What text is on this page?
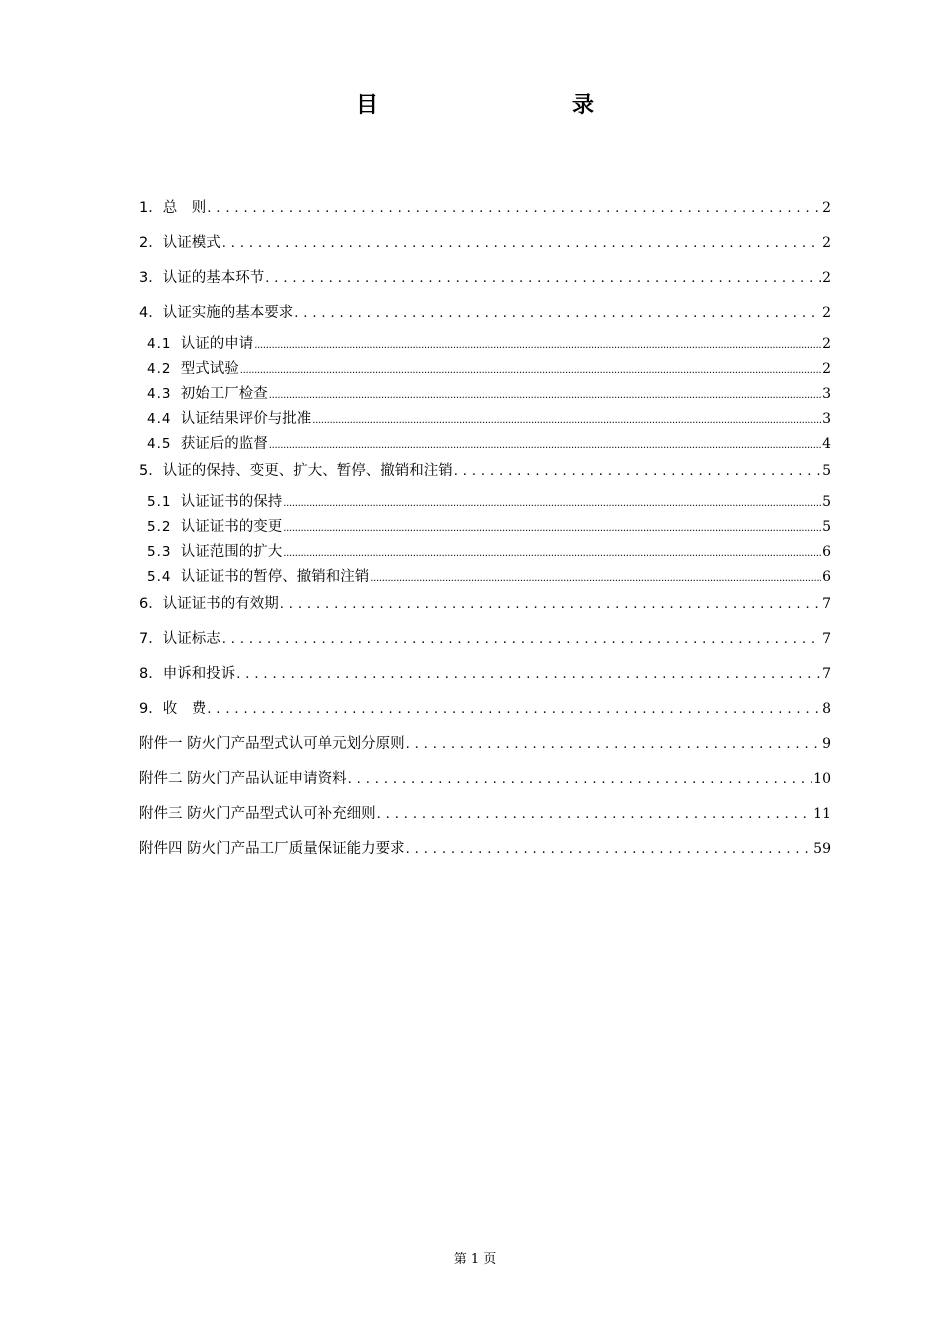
目　　录
1．总　则 . . .	2
2．认证模式 . . .	2
3．认证的基本环节 . . .	2
4．认证实施的基本要求 . . .	2
4.1 认证的申请 .....	2
4.2 型式试验 .....	2
4.3 初始工厂检查 .....	3
4.4 认证结果评价与批准 .....	3
4.5 获证后的监督 .....	4
5．认证的保持、变更、扩大、暂停、撤销和注销 . . .	5
5.1 认证证书的保持 .....	5
5.2 认证证书的变更 .....	5
5.3 认证范围的扩大 .....	6
5.4 认证证书的暂停、撤销和注销 .....	6
6．认证证书的有效期 . . .	7
7．认证标志 . . .	7
8．申诉和投诉 . . .	7
9．收　费 . . .	8
附件一 防火门产品型式认可单元划分原则 . . .	9
附件二 防火门产品认证申请资料 . . .	10
附件三 防火门产品型式认可补充细则 . . .	11
附件四 防火门产品工厂质量保证能力要求 . . .	59
第 1 页
